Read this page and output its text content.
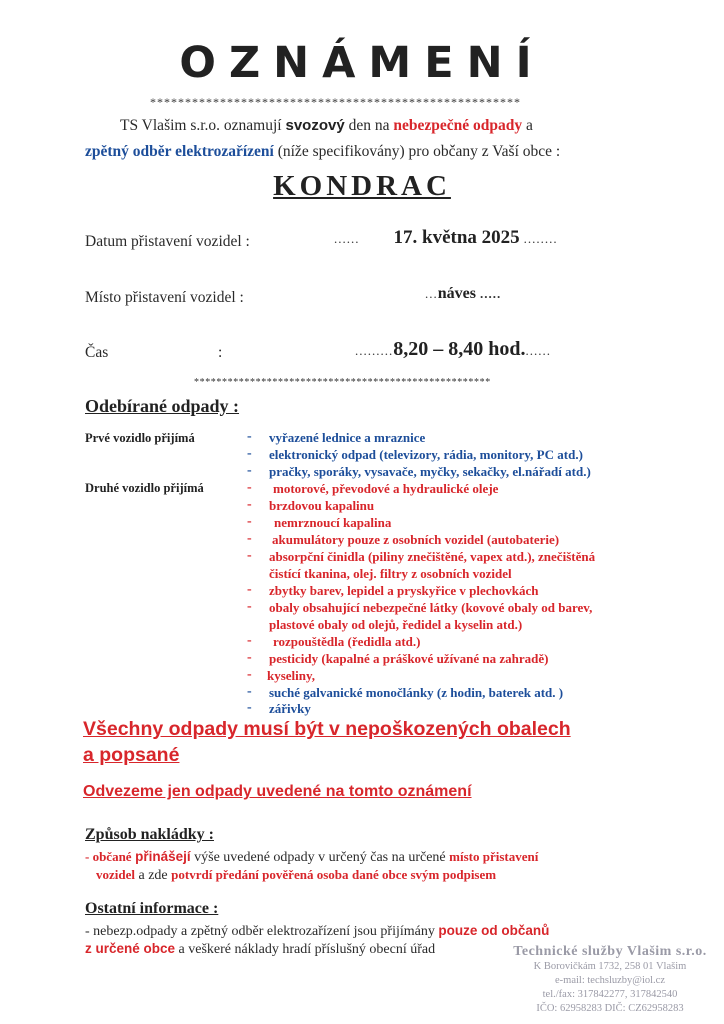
OZNÁMENÍ
*****************************************************
TS Vlašim s.r.o. oznamují svozový den na nebezpečné odpady a
zpětný odběr elektrozařízení (níže specifikovány) pro občany z Vaší obce :
KONDRAC
Datum přistavení vozidel :	...... 17. května 2025 ........
Místo přistavení vozidel :	...náves .....
Čas	:	.........8,20 – 8,40 hod.......
*****************************************************
Odebírané odpady :
Prvé vozidlo přijímá	- vyřazené lednice a mraznice
- elektronický odpad (televizory, rádia, monitory, PC atd.)
- pračky, sporáky, vysavače, myčky, sekačky, el.nářadí atd.)
Druhé vozidlo přijímá	- motorové, převodové a hydraulické oleje
- brzdovou kapalinu
- nemrznoucí kapalina
- akumulátory pouze z osobních vozidel (autobaterie)
- absorpční činidla (piliny znečištěné, vapex atd.), znečištěná
čistící tkanina, olej. filtry z osobních vozidel
- zbytky barev, lepidel a pryskyřice v plechovkách
- obaly obsahující nebezpečné látky (kovové obaly od barev,
plastové obaly od olejů, ředidel a kyselin atd.)
- rozpouštědla (ředidla atd.)
- pesticidy (kapalné a práškové užívané na zahradě)
- kyseliny,
- suché galvanické monočlánky (z hodin, baterek atd. )
- zářivky
Všechny odpady musí být v nepoškozených obalech
a popsané
Odvezeme jen odpady uvedené na tomto oznámení
Způsob nakládky :
- občané přinášejí výše uvedené odpady v určený čas na určené místo přistavení
vozidel a zde potvrdí předání pověřená osoba dané obce svým podpisem
Ostatní informace :
- nebezp.odpady a zpětný odběr elektrozařízení jsou přijímány pouze od občanů
z určené obce a veškeré náklady hradí příslušný obecní úřad	Technické služby Vlašim s.r.o.
K Borovičkám 1732, 258 01 Vlašim
e-mail: techsluzby@iol.cz
tel./fax: 317842277, 317842540
IČO: 62958283 DIČ: CZ62958283
